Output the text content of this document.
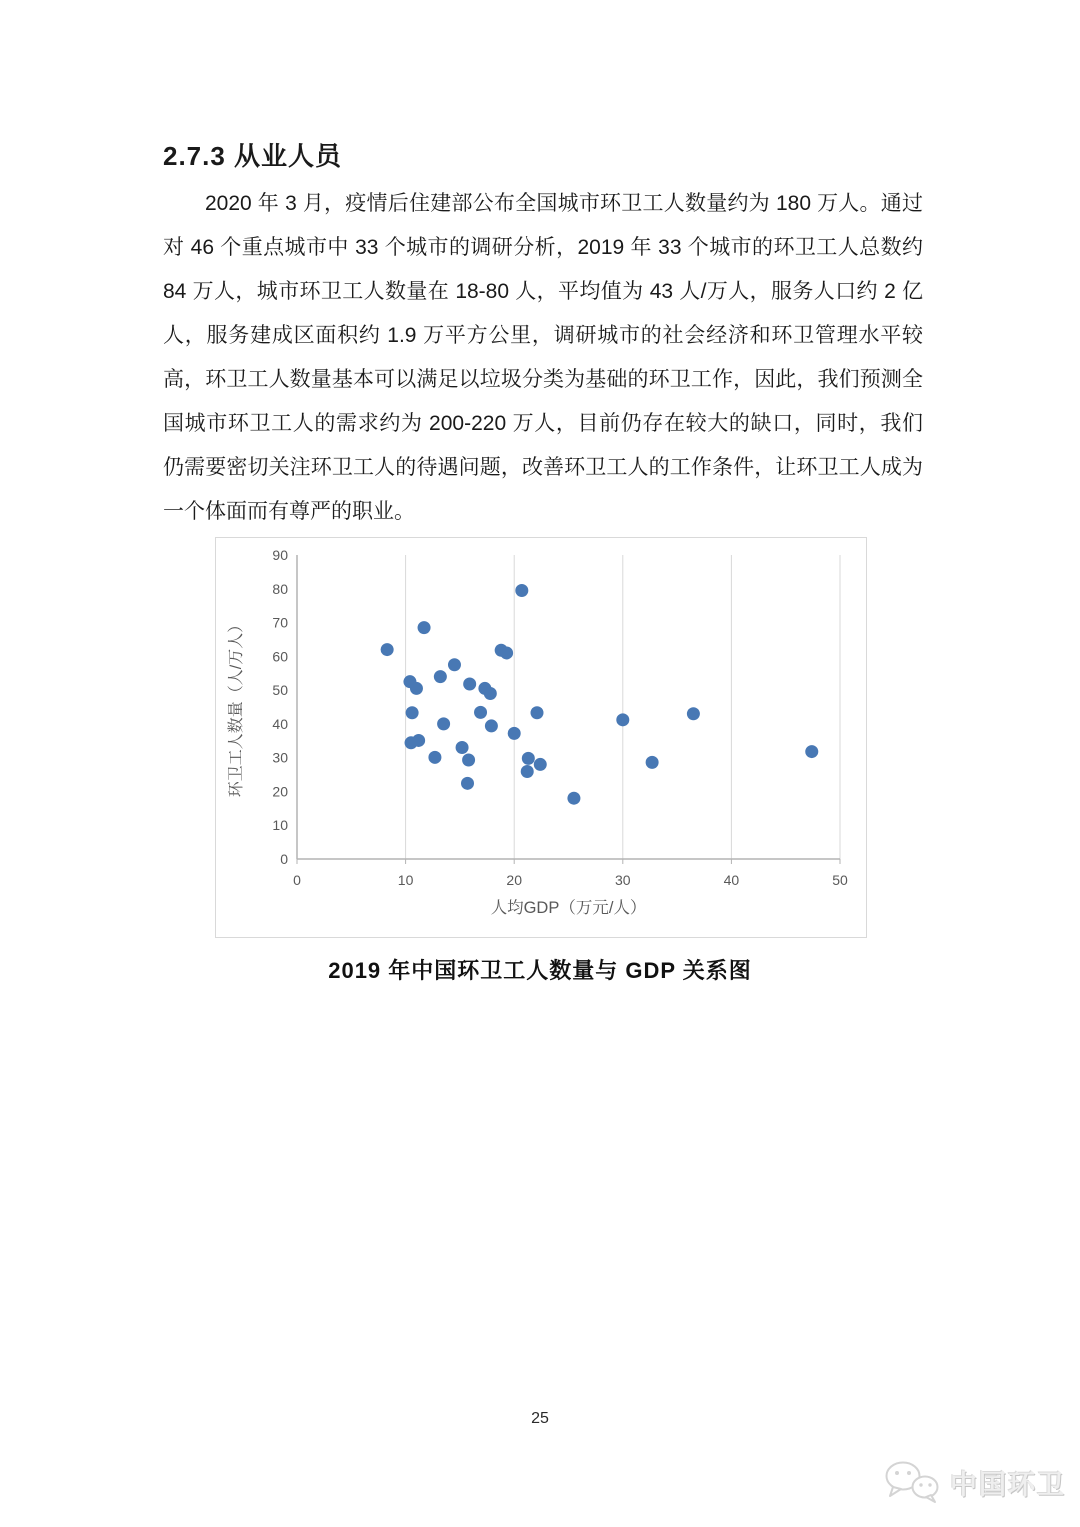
2.7.3 从业人员
2020 年 3 月，疫情后住建部公布全国城市环卫工人数量约为 180 万人。通过对 46 个重点城市中 33 个城市的调研分析，2019 年 33 个城市的环卫工人总数约 84 万人，城市环卫工人数量在 18-80 人，平均值为 43 人/万人，服务人口约 2 亿人，服务建成区面积约 1.9 万平方公里，调研城市的社会经济和环卫管理水平较高，环卫工人数量基本可以满足以垃圾分类为基础的环卫工作，因此，我们预测全国城市环卫工人的需求约为 200-220 万人，目前仍存在较大的缺口，同时，我们仍需要密切关注环卫工人的待遇问题，改善环卫工人的工作条件，让环卫工人成为一个体面而有尊严的职业。
0	10	20	30	40	50
0
10
20
30
40
50
60
70
80
90
环卫工人数量（人/万人）
人均GDP（万元/人）
2019 年中国环卫工人数量与 GDP 关系图
25
中国环卫
